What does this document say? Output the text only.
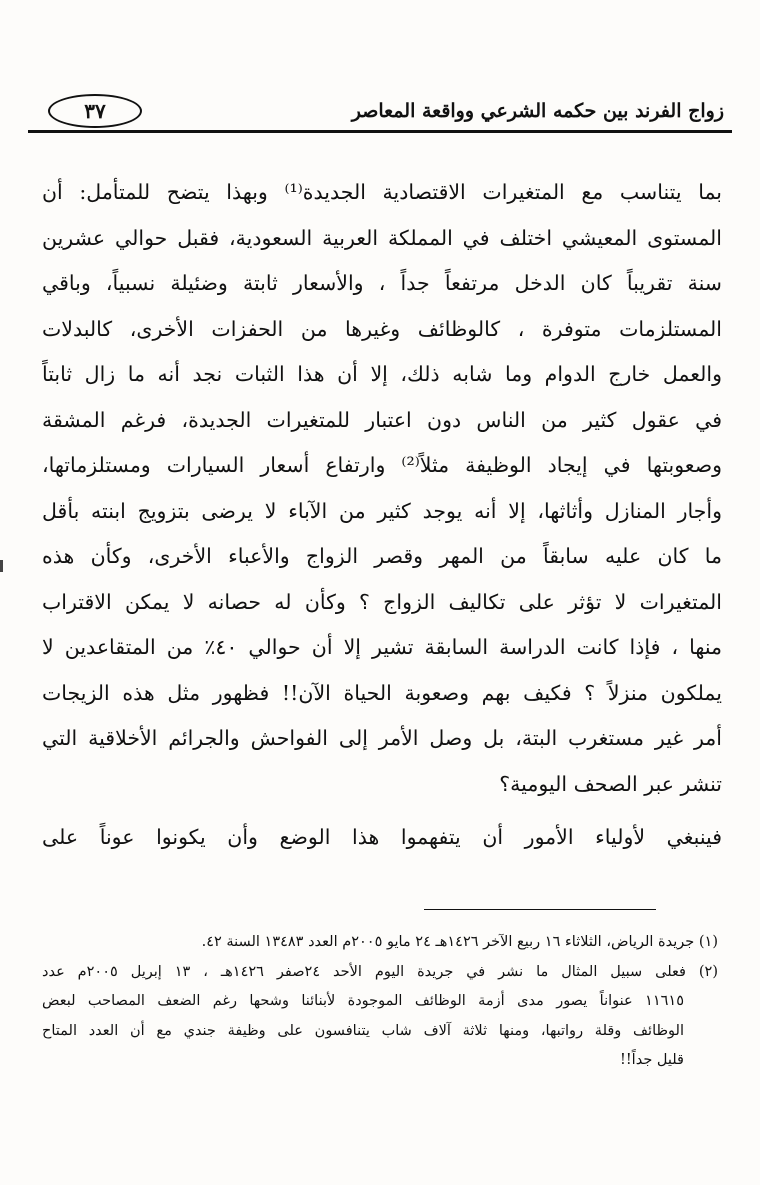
زواج الفرند بين حكمه الشرعي وواقعة المعاصر
٣٧
بما يتناسب مع المتغيرات الاقتصادية الجديدة⁽¹⁾ وبهذا يتضح للمتأمل: أن
المستوى المعيشي اختلف في المملكة العربية السعودية، فقبل حوالي عشرين
سنة تقريباً كان الدخل مرتفعاً جداً ، والأسعار ثابتة وضئيلة نسبياً، وباقي
المستلزمات متوفرة ، كالوظائف وغيرها من الحفزات الأخرى، كالبدلات
والعمل خارج الدوام وما شابه ذلك، إلا أن هذا الثبات نجد أنه ما زال ثابتاً
في عقول كثير من الناس دون اعتبار للمتغيرات الجديدة، فرغم المشقة
وصعوبتها في إيجاد الوظيفة مثلاً⁽²⁾ وارتفاع أسعار السيارات ومستلزماتها،
وأجار المنازل وأثاثها، إلا أنه يوجد كثير من الآباء لا يرضى بتزويج ابنته بأقل
ما كان عليه سابقاً من المهر وقصر الزواج والأعباء الأخرى، وكأن هذه
المتغيرات لا تؤثر على تكاليف الزواج ؟ وكأن له حصانه لا يمكن الاقتراب
منها ، فإذا كانت الدراسة السابقة تشير إلا أن حوالي ٤٠٪ من المتقاعدين لا
يملكون منزلاً ؟ فكيف بهم وصعوبة الحياة الآن!! فظهور مثل هذه الزيجات
أمر غير مستغرب البتة، بل وصل الأمر إلى الفواحش والجرائم الأخلاقية التي
تنشر عبر الصحف اليومية؟
فينبغي لأولياء الأمور أن يتفهموا هذا الوضع وأن يكونوا عوناً على
(١) جريدة الرياض، الثلاثاء ١٦ ربيع الآخر ١٤٢٦هـ ٢٤ مايو ٢٠٠٥م العدد ١٣٤٨٣ السنة ٤٢.
(٢) فعلى سبيل المثال ما نشر في جريدة اليوم الأحد ٢٤صفر ١٤٢٦هـ ، ١٣ إبريل ٢٠٠٥م عدد
١١٦١٥ عنواناً يصور مدى أزمة الوظائف الموجودة لأبنائنا وشحها رغم الضعف المصاحب لبعض
الوظائف وقلة رواتبها، ومنها ثلاثة آلاف شاب يتنافسون على وظيفة جندي مع أن العدد المتاح
قليل جداً!!
